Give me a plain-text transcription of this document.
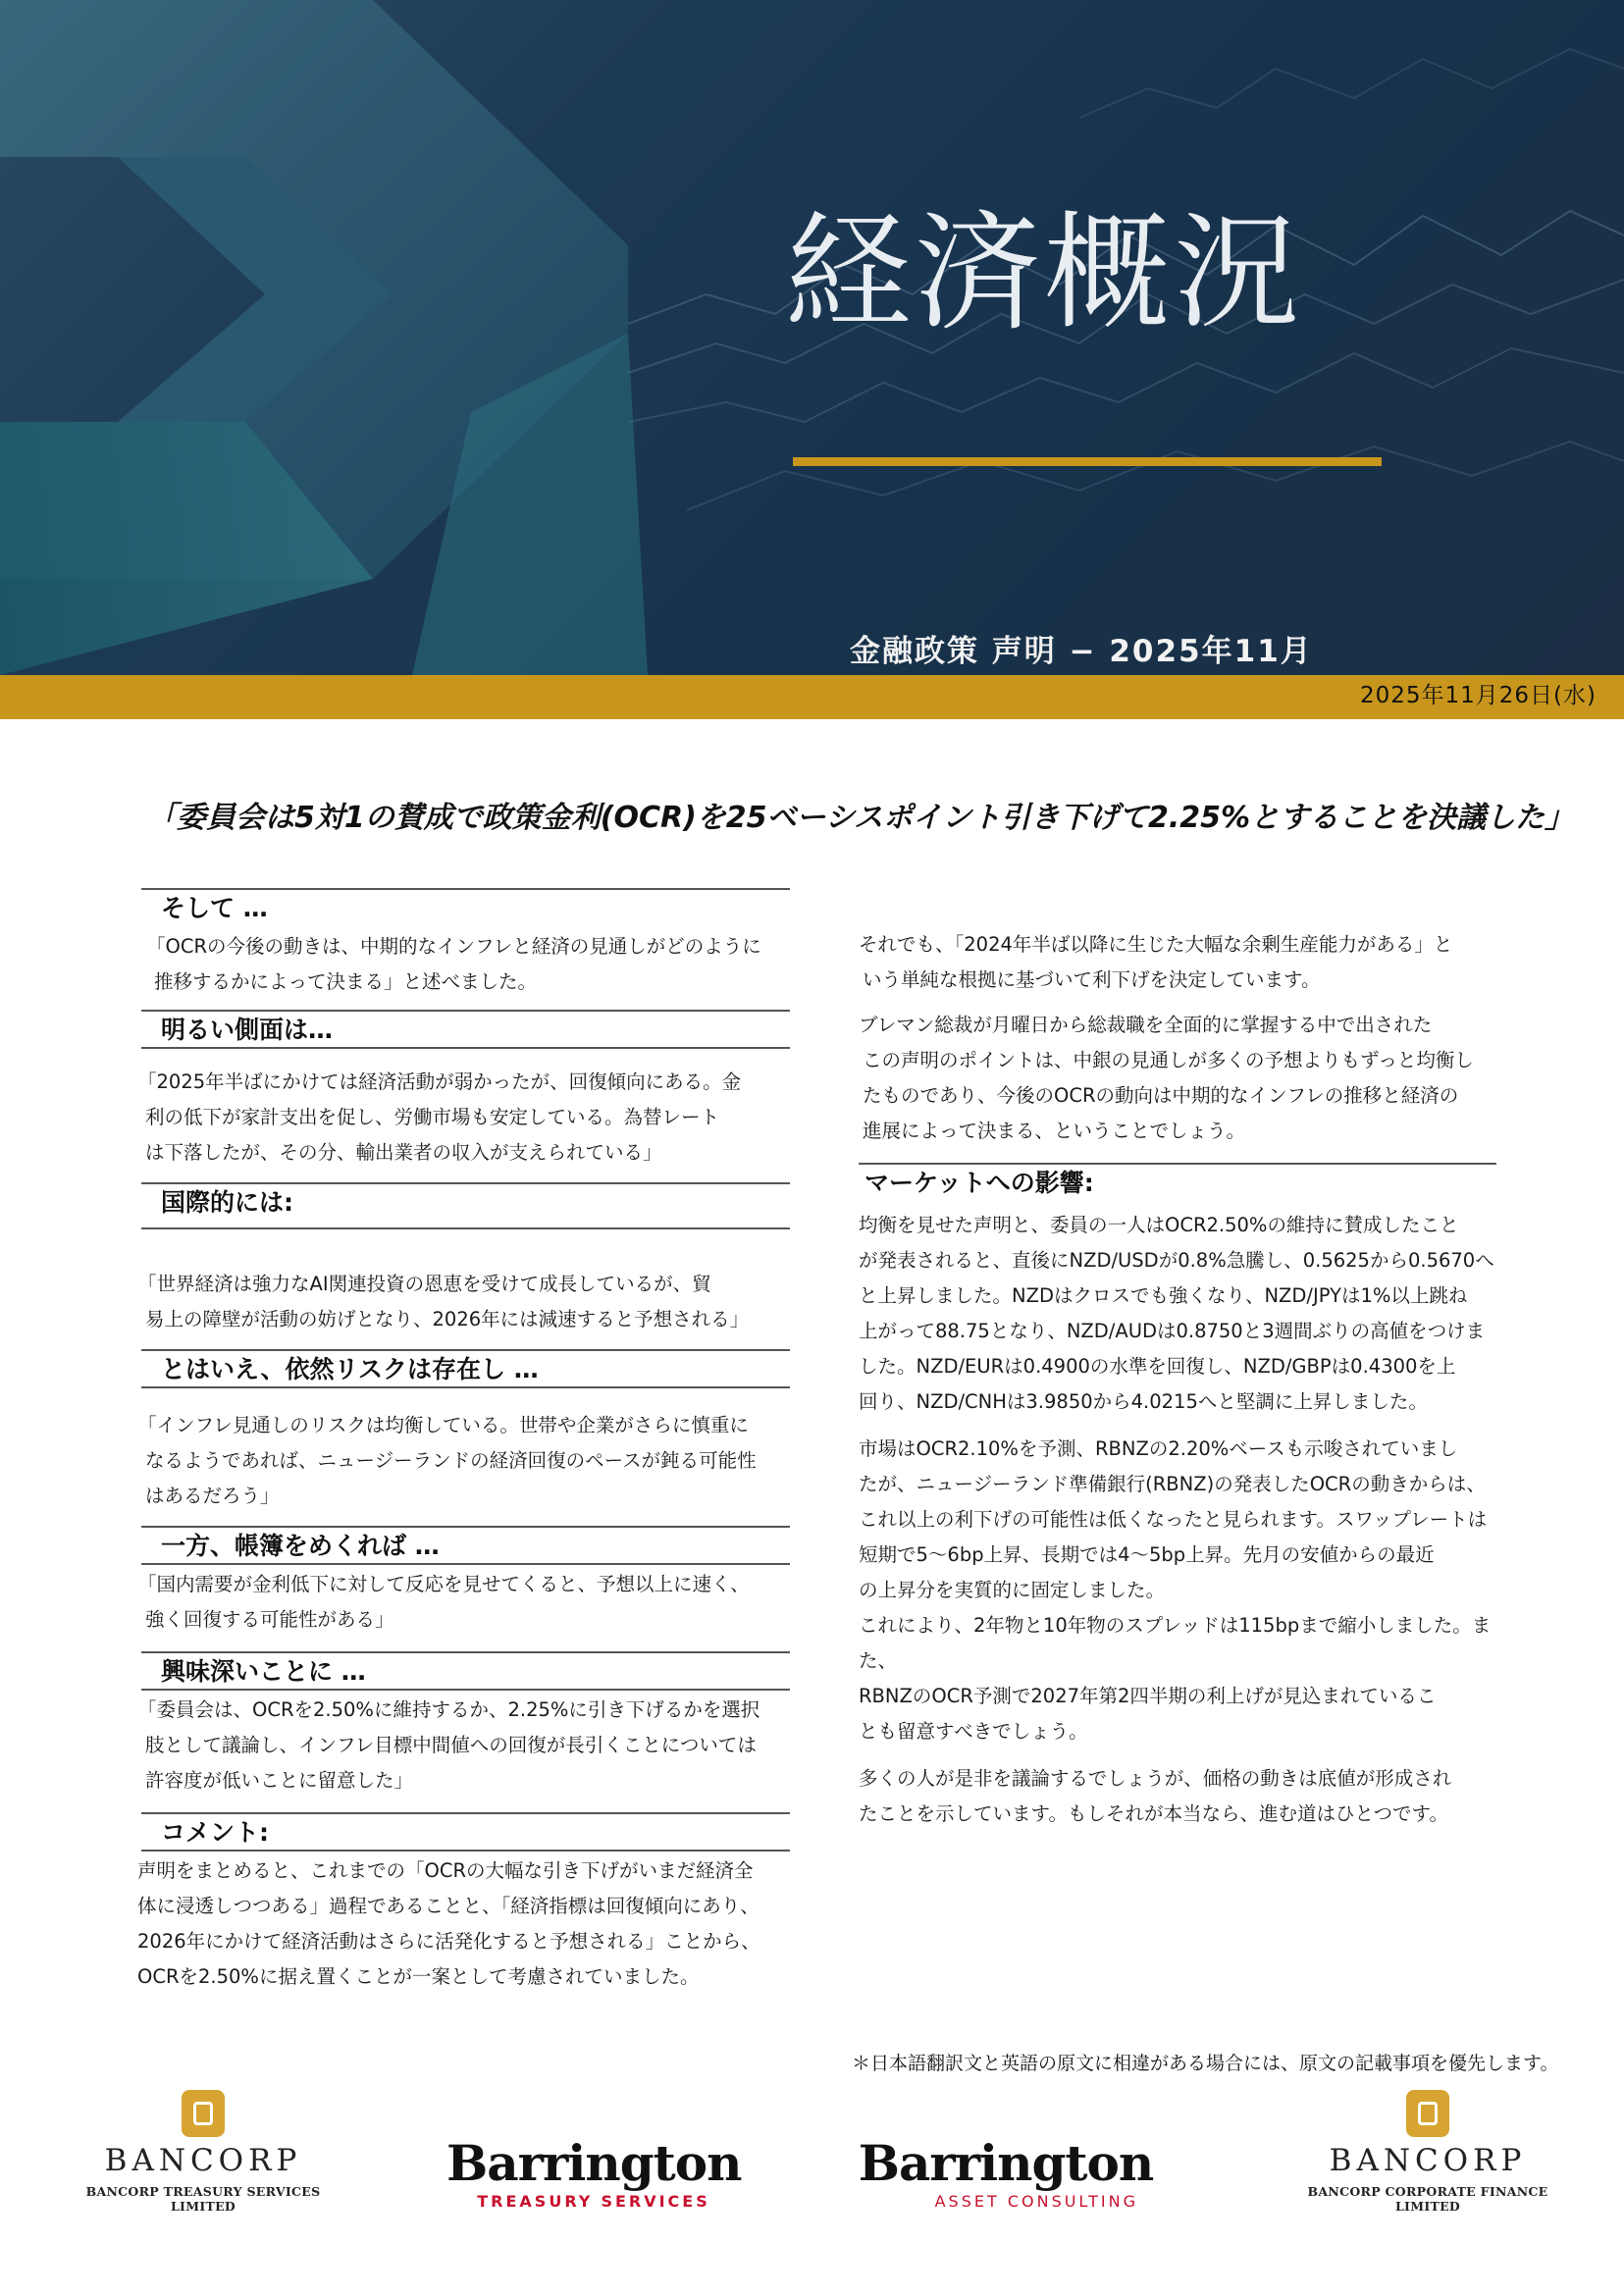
経済概況
金融政策 声明 − 2025年11月
2025年11月26日(水)
「委員会は5対1の賛成で政策金利(OCR)を25ベーシスポイント引き下げて2.25%とすることを決議した」
そして …
「OCRの今後の動きは、中期的なインフレと経済の見通しがどのように
推移するかによって決まる」と述べました。
明るい側面は…
「2025年半ばにかけては経済活動が弱かったが、回復傾向にある。金
利の低下が家計支出を促し、労働市場も安定している。為替レート
は下落したが、その分、輸出業者の収入が支えられている」
国際的には:
「世界経済は強力なAI関連投資の恩恵を受けて成長しているが、貿
易上の障壁が活動の妨げとなり、2026年には減速すると予想される」
とはいえ、依然リスクは存在し …
「インフレ見通しのリスクは均衡している。世帯や企業がさらに慎重に
なるようであれば、ニュージーランドの経済回復のペースが鈍る可能性
はあるだろう」
一方、帳簿をめくれば …
「国内需要が金利低下に対して反応を見せてくると、予想以上に速く、
強く回復する可能性がある」
興味深いことに …
「委員会は、OCRを2.50%に維持するか、2.25%に引き下げるかを選択
肢として議論し、インフレ目標中間値への回復が長引くことについては
許容度が低いことに留意した」
コメント:
声明をまとめると、これまでの「OCRの大幅な引き下げがいまだ経済全
体に浸透しつつある」過程であることと、「経済指標は回復傾向にあり、
2026年にかけて経済活動はさらに活発化すると予想される」ことから、
OCRを2.50%に据え置くことが一案として考慮されていました。
それでも、「2024年半ば以降に生じた大幅な余剰生産能力がある」と
いう単純な根拠に基づいて利下げを決定しています。
ブレマン総裁が月曜日から総裁職を全面的に掌握する中で出された
この声明のポイントは、中銀の見通しが多くの予想よりもずっと均衡し
たものであり、今後のOCRの動向は中期的なインフレの推移と経済の
進展によって決まる、ということでしょう。
マーケットへの影響:
均衡を見せた声明と、委員の一人はOCR2.50%の維持に賛成したこと
が発表されると、直後にNZD/USDが0.8%急騰し、0.5625から0.5670へ
と上昇しました。NZDはクロスでも強くなり、NZD/JPYは1%以上跳ね
上がって88.75となり、NZD/AUDは0.8750と3週間ぶりの高値をつけま
した。NZD/EURは0.4900の水準を回復し、NZD/GBPは0.4300を上
回り、NZD/CNHは3.9850から4.0215へと堅調に上昇しました。
市場はOCR2.10%を予測、RBNZの2.20%ベースも示唆されていまし
たが、ニュージーランド準備銀行(RBNZ)の発表したOCRの動きからは、
これ以上の利下げの可能性は低くなったと見られます。スワップレートは
短期で5〜6bp上昇、長期では4〜5bp上昇。先月の安値からの最近
の上昇分を実質的に固定しました。
これにより、2年物と10年物のスプレッドは115bpまで縮小しました。また、
RBNZのOCR予測で2027年第2四半期の利上げが見込まれているこ
とも留意すべきでしょう。
多くの人が是非を議論するでしょうが、価格の動きは底値が形成され
たことを示しています。もしそれが本当なら、進む道はひとつです。
＊日本語翻訳文と英語の原文に相違がある場合には、原文の記載事項を優先します。
BANCORP
BANCORP TREASURY SERVICES LIMITED
Barrington
TREASURY SERVICES
Barrington
ASSET CONSULTING
BANCORP
BANCORP CORPORATE FINANCE LIMITED
